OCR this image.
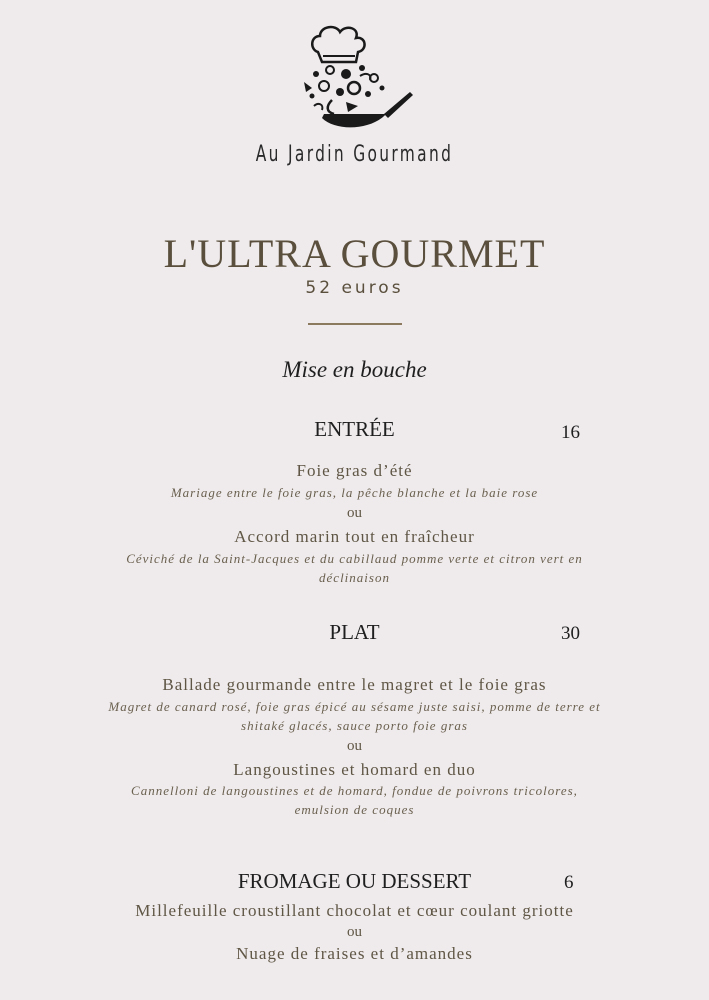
Au Jardin Gourmand
L'ULTRA GOURMET
52 euros
Mise en bouche
ENTRÉE	16
Foie gras d’été
Mariage entre le foie gras, la pêche blanche et la baie rose
ou
Accord marin tout en fraîcheur
Céviché de la Saint-Jacques et du cabillaud pomme verte et citron vert en
déclinaison
PLAT	30
Ballade gourmande entre le magret et le foie gras
Magret de canard rosé, foie gras épicé au sésame juste saisi, pomme de terre et
shitaké glacés, sauce porto foie gras
ou
Langoustines et homard en duo
Cannelloni de langoustines et de homard, fondue de poivrons tricolores,
emulsion de coques
FROMAGE OU DESSERT	6
Millefeuille croustillant chocolat et cœur coulant griotte
ou
Nuage de fraises et d’amandes
